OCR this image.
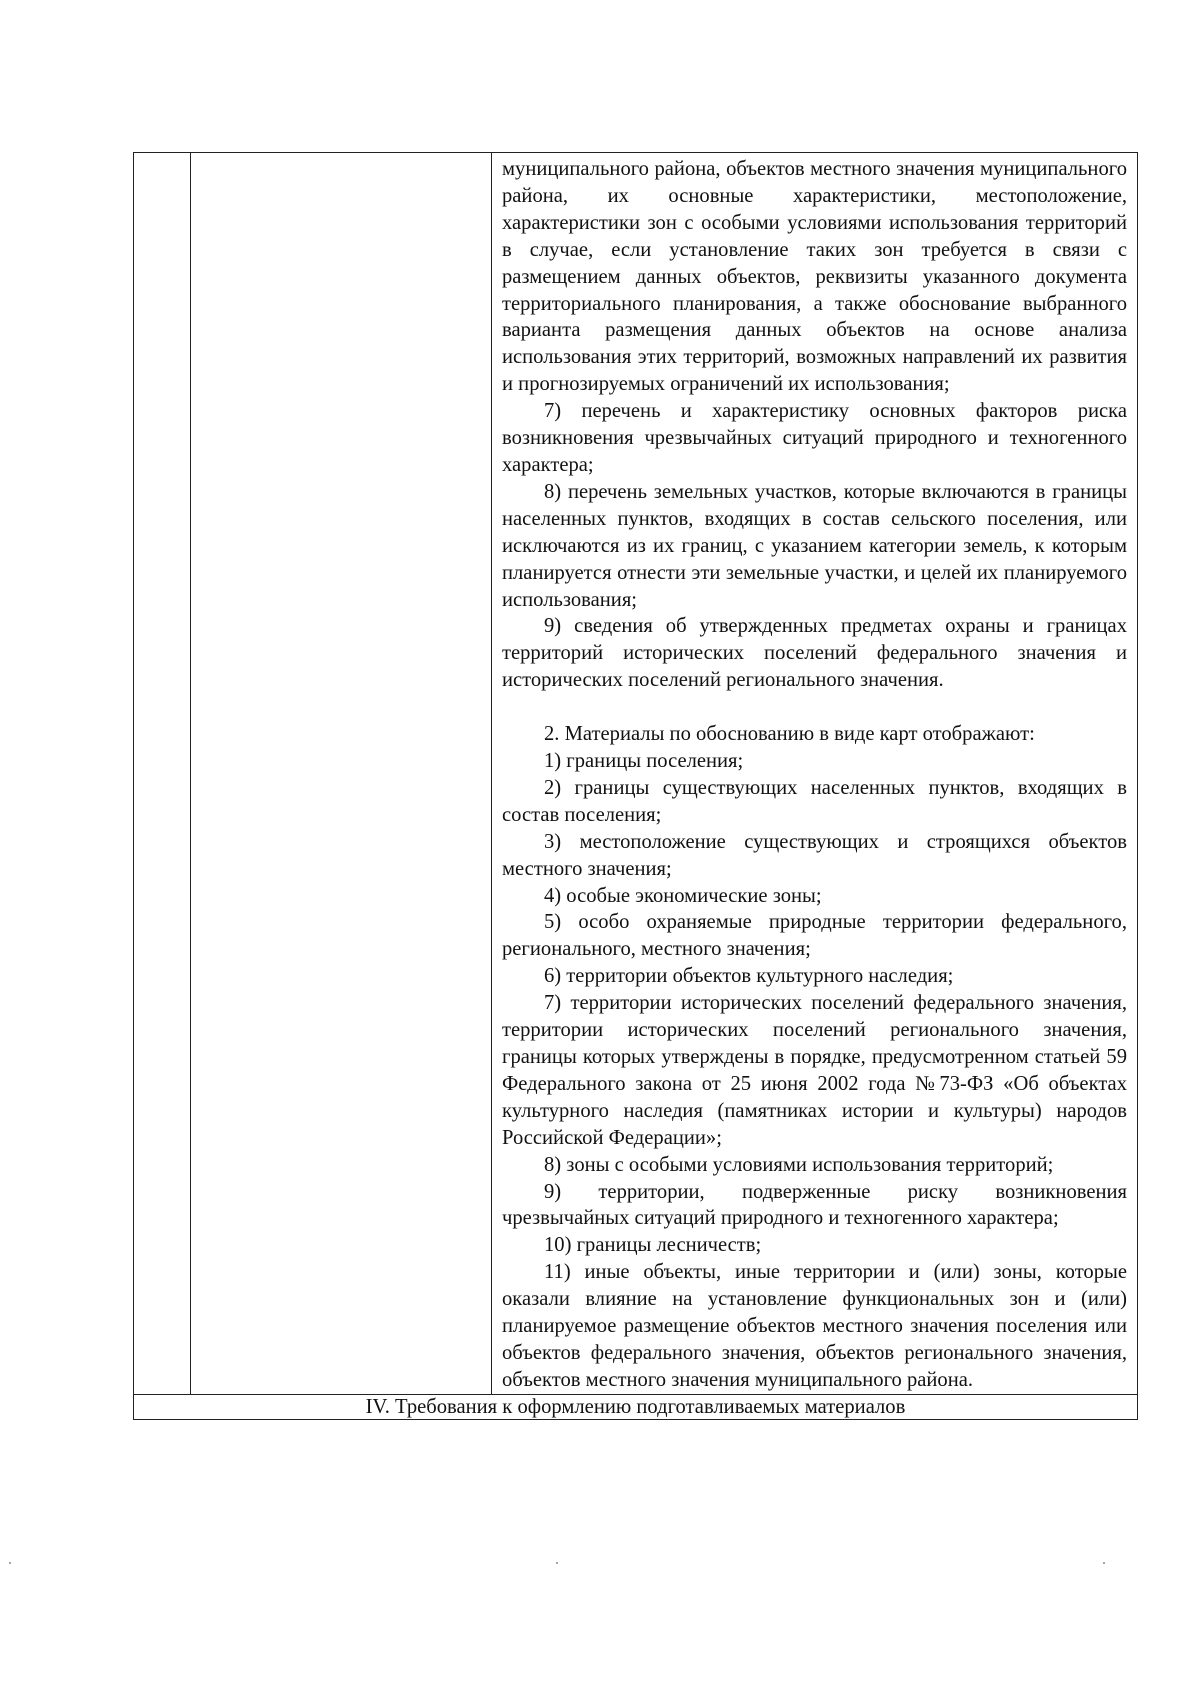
муниципального района, объектов местного значения муниципального района, их основные характеристики, местоположение, характеристики зон с особыми условиями использования территорий в случае, если установление таких зон требуется в связи с размещением данных объектов, реквизиты указанного документа территориального планирования, а также обоснование выбранного варианта размещения данных объектов на основе анализа использования этих территорий, возможных направлений их развития и прогнозируемых ограничений их использования;

7) перечень и характеристику основных факторов риска возникновения чрезвычайных ситуаций природного и техногенного характера;

8) перечень земельных участков, которые включаются в границы населенных пунктов, входящих в состав сельского поселения, или исключаются из их границ, с указанием категории земель, к которым планируется отнести эти земельные участки, и целей их планируемого использования;

9) сведения об утвержденных предметах охраны и границах территорий исторических поселений федерального значения и исторических поселений регионального значения.

2. Материалы по обоснованию в виде карт отображают:

1) границы поселения;

2) границы существующих населенных пунктов, входящих в состав поселения;

3) местоположение существующих и строящихся объектов местного значения;

4) особые экономические зоны;

5) особо охраняемые природные территории федерального, регионального, местного значения;

6) территории объектов культурного наследия;

7) территории исторических поселений федерального значения, территории исторических поселений регионального значения, границы которых утверждены в порядке, предусмотренном статьей 59 Федерального закона от 25 июня 2002 года №73-ФЗ «Об объектах культурного наследия (памятниках истории и культуры) народов Российской Федерации»;

8) зоны с особыми условиями использования территорий;

9) территории, подверженные риску возникновения чрезвычайных ситуаций природного и техногенного характера;

10) границы лесничеств;

11) иные объекты, иные территории и (или) зоны, которые оказали влияние на установление функциональных зон и (или) планируемое размещение объектов местного значения поселения или объектов федерального значения, объектов регионального значения, объектов местного значения муниципального района.

IV. Требования к оформлению подготавливаемых материалов
